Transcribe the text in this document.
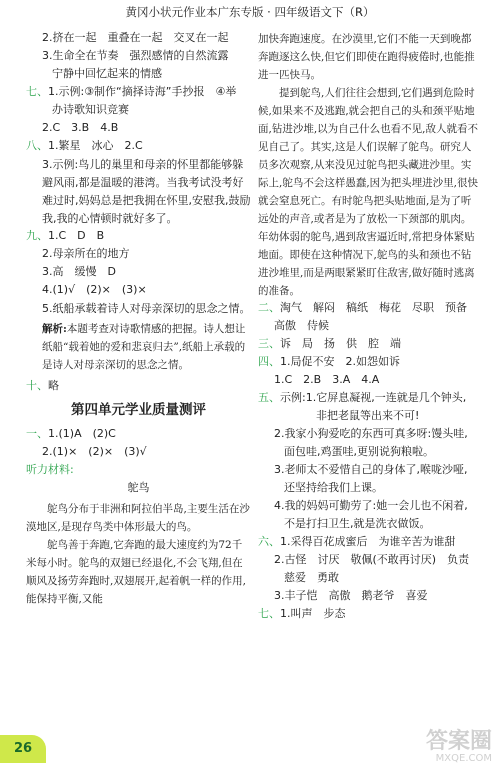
黄冈小状元作业本广东专版 · 四年级语文下（R）
2.挤在一起　重叠在一起　交叉在一起
3.生命全在节奏　强烈感情的自然流露
宁静中回忆起来的情感
七、1.示例:③制作“摘择诗海”手抄报　④举
办诗歌知识竞赛
2.C　3.B　4.B
八、1.繁星　冰心　2.C

3.示例:鸟儿的巢里和母亲的怀里都能够躲避风雨,都是温暖的港湾。当我考试没考好难过时,妈妈总是把我拥在怀里,安慰我,鼓励我,我的心情顿时就好多了。

九、1.C　D　B
2.母亲所在的地方
3.高　缓慢　D
4.(1)√　(2)×　(3)×

5.纸船承载着诗人对母亲深切的思念之情。

解析:本题考查对诗歌情感的把握。诗人想让纸船“载着她的爱和悲哀归去”,纸船上承载的是诗人对母亲深切的思念之情。

十、略
第四单元学业质量测评
一、1.(1)A　(2)C
2.(1)×　(2)×　(3)√
听力材料:
鸵鸟

鸵鸟分布于非洲和阿拉伯半岛,主要生活在沙漠地区,是现存鸟类中体形最大的鸟。

鸵鸟善于奔跑,它奔跑的最大速度约为72千米每小时。鸵鸟的双翅已经退化,不会飞翔,但在顺风及扬劳奔跑时,双翅展开,起着帆一样的作用,能保持平衡,又能

加快奔跑速度。在沙漠里,它们不能一天到晚都奔跑逐这么快,但它们即使在跑得疲倦时,也能推进一匹快马。

提到鸵鸟,人们往往会想到,它们遇到危险时候,如果来不及逃跑,就会把自己的头和颈平贴地面,钻进沙堆,以为自己什么也看不见,敌人就看不见自己了。其实,这是人们误解了鸵鸟。研究人员多次观察,从来没见过鸵鸟把头藏进沙里。实际上,鸵鸟不会这样愚蠢,因为把头埋进沙里,很快就会窒息死亡。有时鸵鸟把头贴地面,是为了听远处的声音,或者是为了放松一下颈部的肌肉。年幼体弱的鸵鸟,遇到敌害逼近时,常把身体紧贴地面。即使在这种情况下,鸵鸟的头和颈也不钻进沙堆里,而是两眼紧紧盯住敌害,做好随时逃离的准备。

二、淘气　解闷　稿纸　梅花　尽职　预备
高傲　侍候
三、诉　局　扬　供　腔　端
四、1.局促不安　2.如怨如诉
1.C　2.B　3.A　4.A
五、示例:1.它屏息凝视,一连就是几个钟头,
非把老鼠等出来不可!
2.我家小狗爱吃的东西可真多呀:馒头哇,
面包哇,鸡蛋哇,更别说狗粮啦。
3.老师太不爱惜自己的身体了,喉咙沙哑,
还坚持给我们上课。
4.我的妈妈可勤劳了:她一会儿也不闲着,
不是打扫卫生,就是洗衣做饭。
六、1.采得百花成蜜后　为谁辛苦为谁甜
2.古怪　讨厌　敬佩(不敢再讨厌)　负责
慈爱　勇敢
3.丰子恺　高傲　鹅老爷　喜爱
七、1.叫声　步态
26	答案圈
MXQE.COM
